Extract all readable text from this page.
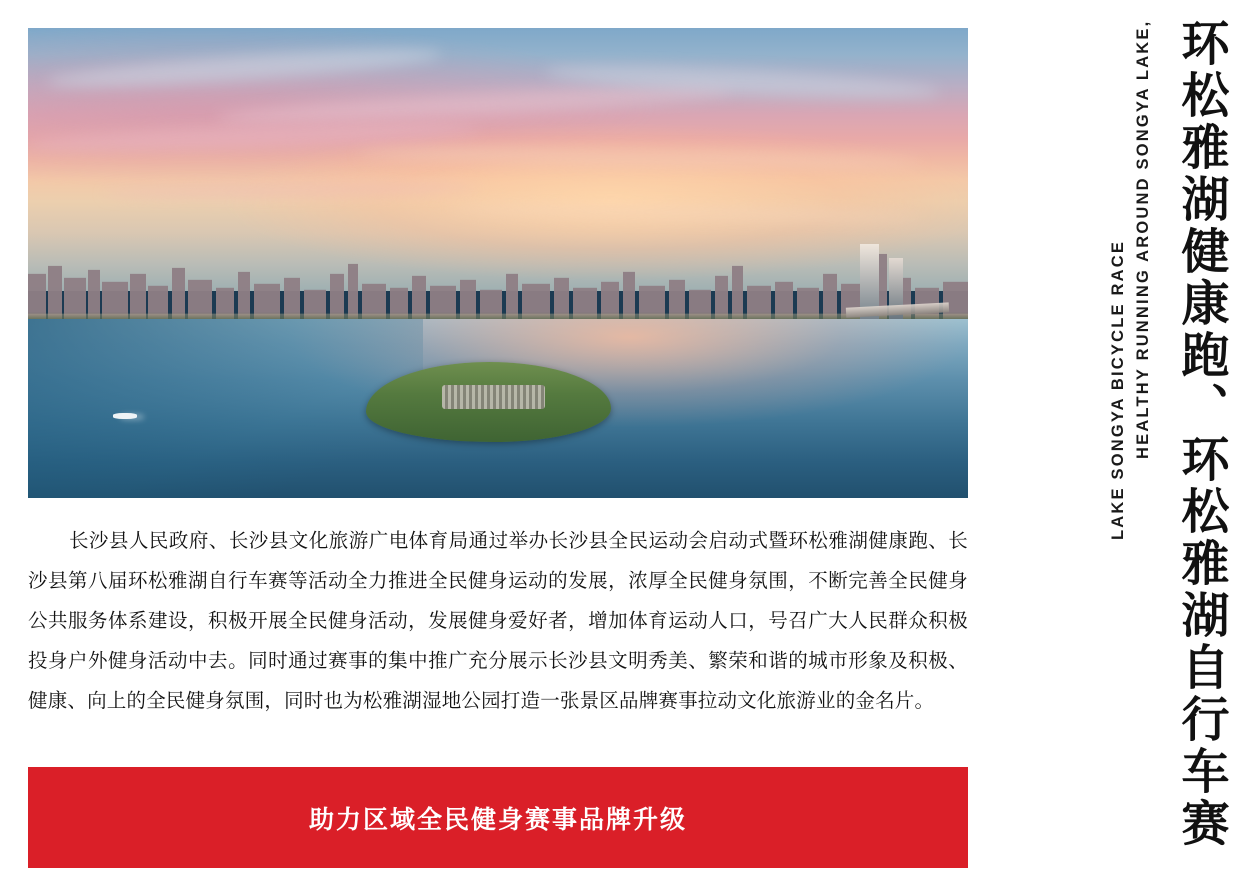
长沙县人民政府、长沙县文化旅游广电体育局通过举办长沙县全民运动会启动式暨环松雅湖健康跑、长沙县第八届环松雅湖自行车赛等活动全力推进全民健身运动的发展，浓厚全民健身氛围，不断完善全民健身公共服务体系建设，积极开展全民健身活动，发展健身爱好者，增加体育运动人口，号召广大人民群众积极投身户外健身活动中去。同时通过赛事的集中推广充分展示长沙县文明秀美、繁荣和谐的城市形象及积极、健康、向上的全民健身氛围，同时也为松雅湖湿地公园打造一张景区品牌赛事拉动文化旅游业的金名片。
助力区域全民健身赛事品牌升级	环松雅湖健康跑、环松雅湖自行车赛
HEALTHY RUNNING AROUND SONGYA LAKE,
LAKE SONGYA BICYCLE RACE
